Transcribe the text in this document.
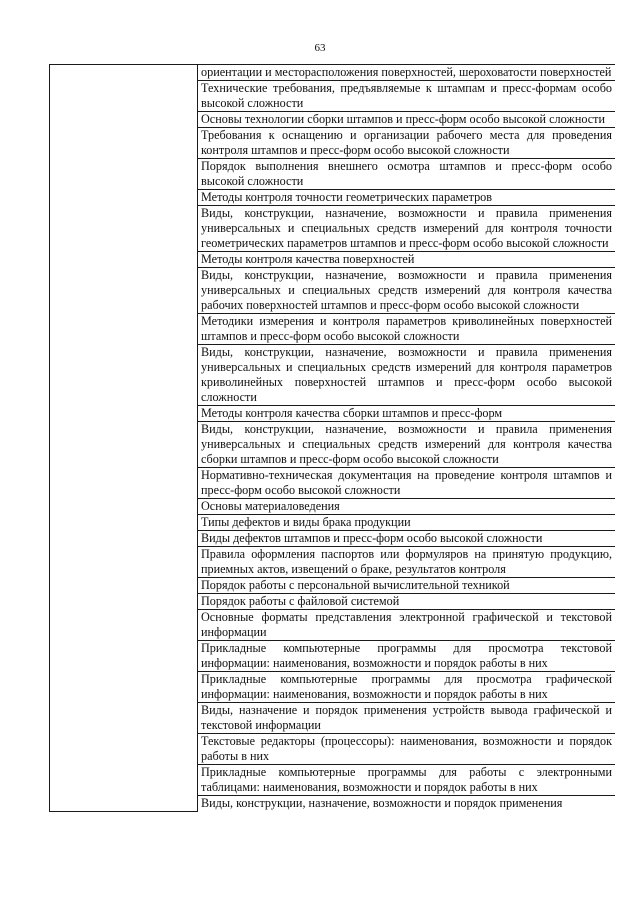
63
	ориентации и месторасположения поверхностей, шероховатости поверхностей
Технические требования, предъявляемые к штампам и пресс-формам особо высокой сложности
Основы технологии сборки штампов и пресс-форм особо высокой сложности
Требования к оснащению и организации рабочего места для проведения контроля штампов и пресс-форм особо высокой сложности
Порядок выполнения внешнего осмотра штампов и пресс-форм особо высокой сложности
Методы контроля точности геометрических параметров
Виды, конструкции, назначение, возможности и правила применения универсальных и специальных средств измерений для контроля точности геометрических параметров штампов и пресс-форм особо высокой сложности
Методы контроля качества поверхностей
Виды, конструкции, назначение, возможности и правила применения универсальных и специальных средств измерений для контроля качества рабочих поверхностей штампов и пресс-форм особо высокой сложности
Методики измерения и контроля параметров криволинейных поверхностей штампов и пресс-форм особо высокой сложности
Виды, конструкции, назначение, возможности и правила применения универсальных и специальных средств измерений для контроля параметров криволинейных поверхностей штампов и пресс-форм особо высокой сложности
Методы контроля качества сборки штампов и пресс-форм
Виды, конструкции, назначение, возможности и правила применения универсальных и специальных средств измерений для контроля качества сборки штампов и пресс-форм особо высокой сложности
Нормативно-техническая документация на проведение контроля штампов и пресс-форм особо высокой сложности
Основы материаловедения
Типы дефектов и виды брака продукции
Виды дефектов штампов и пресс-форм особо высокой сложности
Правила оформления паспортов или формуляров на принятую продукцию, приемных актов, извещений о браке, результатов контроля
Порядок работы с персональной вычислительной техникой
Порядок работы с файловой системой
Основные форматы представления электронной графической и текстовой информации
Прикладные компьютерные программы для просмотра текстовой информации: наименования, возможности и порядок работы в них
Прикладные компьютерные программы для просмотра графической информации: наименования, возможности и порядок работы в них
Виды, назначение и порядок применения устройств вывода графической и текстовой информации
Текстовые редакторы (процессоры): наименования, возможности и порядок работы в них
Прикладные компьютерные программы для работы с электронными таблицами: наименования, возможности и порядок работы в них
Виды, конструкции, назначение, возможности и порядок применения
